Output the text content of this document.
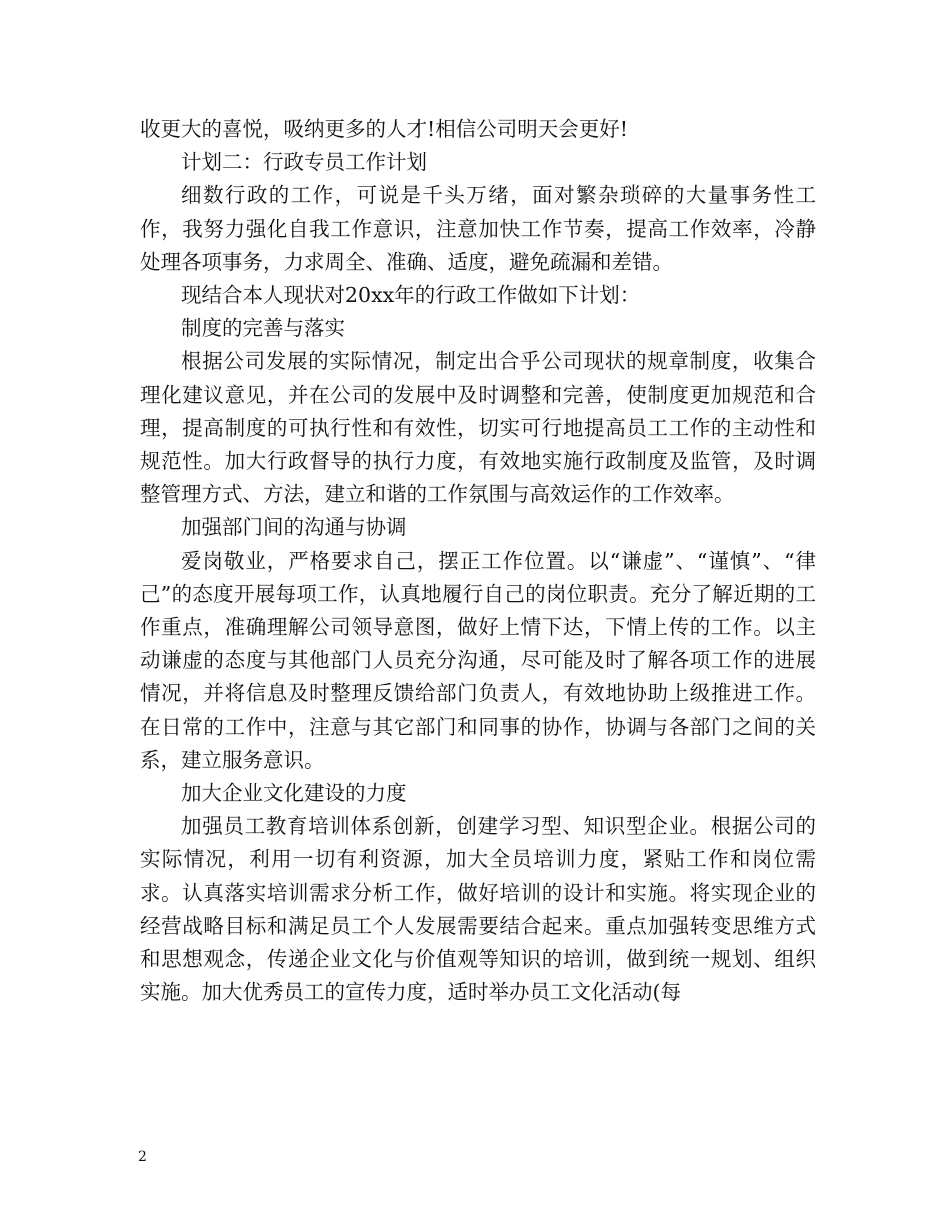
收更大的喜悦，吸纳更多的人才!相信公司明天会更好!

计划二：行政专员工作计划

细数行政的工作，可说是千头万绪，面对繁杂琐碎的大量事务性工作，我努力强化自我工作意识，注意加快工作节奏，提高工作效率，冷静处理各项事务，力求周全、准确、适度，避免疏漏和差错。

现结合本人现状对20xx年的行政工作做如下计划：

制度的完善与落实

根据公司发展的实际情况，制定出合乎公司现状的规章制度，收集合理化建议意见，并在公司的发展中及时调整和完善，使制度更加规范和合理，提高制度的可执行性和有效性，切实可行地提高员工工作的主动性和规范性。加大行政督导的执行力度，有效地实施行政制度及监管，及时调整管理方式、方法，建立和谐的工作氛围与高效运作的工作效率。

加强部门间的沟通与协调

爱岗敬业，严格要求自己，摆正工作位置。以“谦虚”、“谨慎”、“律己”的态度开展每项工作，认真地履行自己的岗位职责。充分了解近期的工作重点，准确理解公司领导意图，做好上情下达，下情上传的工作。以主动谦虚的态度与其他部门人员充分沟通，尽可能及时了解各项工作的进展情况，并将信息及时整理反馈给部门负责人，有效地协助上级推进工作。在日常的工作中，注意与其它部门和同事的协作，协调与各部门之间的关系，建立服务意识。

加大企业文化建设的力度

加强员工教育培训体系创新，创建学习型、知识型企业。根据公司的实际情况，利用一切有利资源，加大全员培训力度，紧贴工作和岗位需求。认真落实培训需求分析工作，做好培训的设计和实施。将实现企业的经营战略目标和满足员工个人发展需要结合起来。重点加强转变思维方式和思想观念，传递企业文化与价值观等知识的培训，做到统一规划、组织实施。加大优秀员工的宣传力度，适时举办员工文化活动(每

2
